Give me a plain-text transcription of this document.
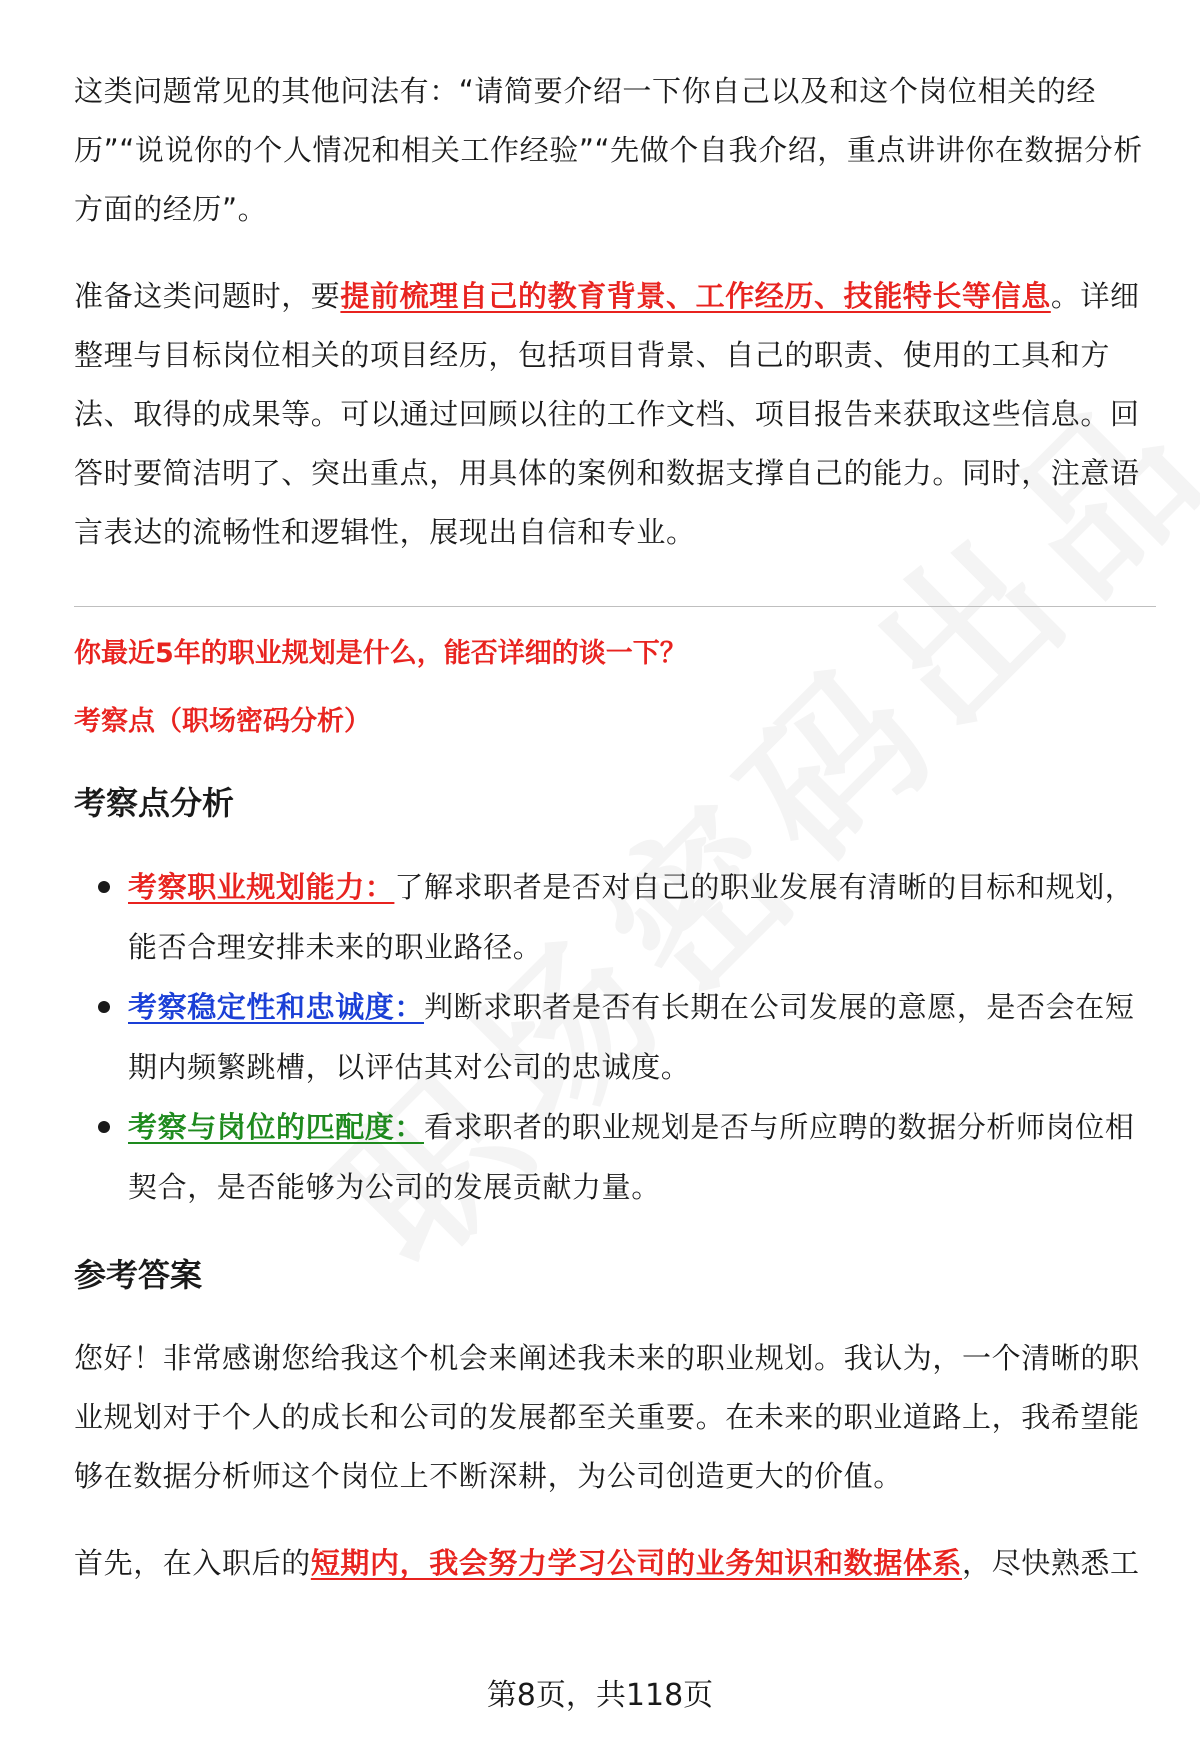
这类问题常见的其他问法有：“请简要介绍一下你自己以及和这个岗位相关的经历”“说说你的个人情况和相关工作经验”“先做个自我介绍，重点讲讲你在数据分析方面的经历”。

准备这类问题时，要提前梳理自己的教育背景、工作经历、技能特长等信息。详细整理与目标岗位相关的项目经历，包括项目背景、自己的职责、使用的工具和方法、取得的成果等。可以通过回顾以往的工作文档、项目报告来获取这些信息。回答时要简洁明了、突出重点，用具体的案例和数据支撑自己的能力。同时，注意语言表达的流畅性和逻辑性，展现出自信和专业。

你最近5年的职业规划是什么，能否详细的谈一下？
考察点（职场密码分析）
考察点分析
考察职业规划能力：了解求职者是否对自己的职业发展有清晰的目标和规划，能否合理安排未来的职业路径。
考察稳定性和忠诚度：判断求职者是否有长期在公司发展的意愿，是否会在短期内频繁跳槽，以评估其对公司的忠诚度。
考察与岗位的匹配度：看求职者的职业规划是否与所应聘的数据分析师岗位相契合，是否能够为公司的发展贡献力量。
参考答案

您好！非常感谢您给我这个机会来阐述我未来的职业规划。我认为，一个清晰的职业规划对于个人的成长和公司的发展都至关重要。在未来的职业道路上，我希望能够在数据分析师这个岗位上不断深耕，为公司创造更大的价值。

首先，在入职后的短期内，我会努力学习公司的业务知识和数据体系，尽快熟悉工

第8页，共118页
